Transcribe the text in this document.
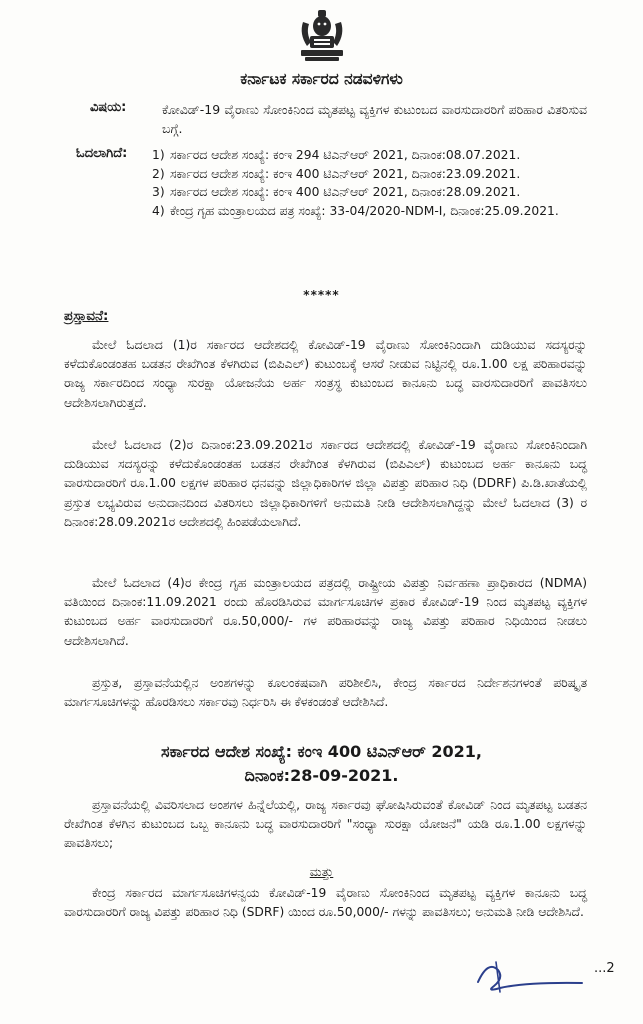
ಕರ್ನಾಟಕ ಸರ್ಕಾರದ ನಡವಳಿಗಳು
ವಿಷಯ:	ಕೋವಿಡ್-19 ವೈರಾಣು ಸೋಂಕಿನಿಂದ ಮೃತಪಟ್ಟ ವ್ಯಕ್ತಿಗಳ ಕುಟುಂಬದ ವಾರಸುದಾರರಿಗೆ ಪರಿಹಾರ ವಿತರಿಸುವ ಬಗ್ಗೆ.
ಓದಲಾಗಿದೆ: 1) ಸರ್ಕಾರದ ಆದೇಶ ಸಂಖ್ಯೆ: ಕಂಇ 294 ಟಿಎನ್‌ಆರ್ 2021, ದಿನಾಂಕ:08.07.2021.
2) ಸರ್ಕಾರದ ಆದೇಶ ಸಂಖ್ಯೆ: ಕಂಇ 400 ಟಿಎನ್‌ಆರ್ 2021, ದಿನಾಂಕ:23.09.2021.
3) ಸರ್ಕಾರದ ಆದೇಶ ಸಂಖ್ಯೆ: ಕಂಇ 400 ಟಿಎನ್‌ಆರ್ 2021, ದಿನಾಂಕ:28.09.2021.
4) ಕೇಂದ್ರ ಗೃಹ ಮಂತ್ರಾಲಯದ ಪತ್ರ ಸಂಖ್ಯೆ: 33-04/2020-NDM-I, ದಿನಾಂಕ:25.09.2021.
*****
ಪ್ರಸ್ತಾವನೆ:

ಮೇಲೆ ಓದಲಾದ (1)ರ ಸರ್ಕಾರದ ಆದೇಶದಲ್ಲಿ ಕೋವಿಡ್-19 ವೈರಾಣು ಸೋಂಕಿನಿಂದಾಗಿ ದುಡಿಯುವ ಸದಸ್ಯರನ್ನು ಕಳೆದುಕೊಂಡಂತಹ ಬಡತನ ರೇಖೆಗಿಂತ ಕೆಳಗಿರುವ (ಬಿಪಿಎಲ್) ಕುಟುಂಬಕ್ಕೆ ಆಸರೆ ನೀಡುವ ನಿಟ್ಟಿನಲ್ಲಿ ರೂ.1.00 ಲಕ್ಷ ಪರಿಹಾರವನ್ನು ರಾಜ್ಯ ಸರ್ಕಾರದಿಂದ ಸಂಧ್ಯಾ ಸುರಕ್ಷಾ ಯೋಜನೆಯ ಅರ್ಹ ಸಂತ್ರಸ್ಥ ಕುಟುಂಬದ ಕಾನೂನು ಬದ್ಧ ವಾರಸುದಾರರಿಗೆ ಪಾವತಿಸಲು ಆದೇಶಿಸಲಾಗಿರುತ್ತದೆ.

ಮೇಲೆ ಓದಲಾದ (2)ರ ದಿನಾಂಕ:23.09.2021ರ ಸರ್ಕಾರದ ಆದೇಶದಲ್ಲಿ ಕೋವಿಡ್-19 ವೈರಾಣು ಸೋಂಕಿನಿಂದಾಗಿ ದುಡಿಯುವ ಸದಸ್ಯರನ್ನು ಕಳೆದುಕೊಂಡಂತಹ ಬಡತನ ರೇಖೆಗಿಂತ ಕೆಳಗಿರುವ (ಬಿಪಿಎಲ್) ಕುಟುಂಬದ ಅರ್ಹ ಕಾನೂನು ಬದ್ಧ ವಾರಸುದಾರರಿಗೆ ರೂ.1.00 ಲಕ್ಷಗಳ ಪರಿಹಾರ ಧನವನ್ನು ಜಿಲ್ಲಾಧಿಕಾರಿಗಳ ಜಿಲ್ಲಾ ವಿಪತ್ತು ಪರಿಹಾರ ನಿಧಿ (DDRF) ಪಿ.ಡಿ.ಖಾತೆಯಲ್ಲಿ ಪ್ರಸ್ತುತ ಲಭ್ಯವಿರುವ ಅನುದಾನದಿಂದ ವಿತರಿಸಲು ಜಿಲ್ಲಾಧಿಕಾರಿಗಳಿಗೆ ಅನುಮತಿ ನೀಡಿ ಆದೇಶಿಸಲಾಗಿದ್ದನ್ನು ಮೇಲೆ ಓದಲಾದ (3) ರ ದಿನಾಂಕ:28.09.2021ರ ಆದೇಶದಲ್ಲಿ ಹಿಂಪಡೆಯಲಾಗಿದೆ.

ಮೇಲೆ ಓದಲಾದ (4)ರ ಕೇಂದ್ರ ಗೃಹ ಮಂತ್ರಾಲಯದ ಪತ್ರದಲ್ಲಿ ರಾಷ್ಟ್ರೀಯ ವಿಪತ್ತು ನಿರ್ವಹಣಾ ಪ್ರಾಧಿಕಾರದ (NDMA) ವತಿಯಿಂದ ದಿನಾಂಕ:11.09.2021 ರಂದು ಹೊರಡಿಸಿರುವ ಮಾರ್ಗಸೂಚಿಗಳ ಪ್ರಕಾರ ಕೋವಿಡ್-19 ನಿಂದ ಮೃತಪಟ್ಟ ವ್ಯಕ್ತಿಗಳ ಕುಟುಂಬದ ಅರ್ಹ ವಾರಸುದಾರರಿಗೆ ರೂ.50,000/- ಗಳ ಪರಿಹಾರವನ್ನು ರಾಜ್ಯ ವಿಪತ್ತು ಪರಿಹಾರ ನಿಧಿಯಿಂದ ನೀಡಲು ಆದೇಶಿಸಲಾಗಿದೆ.

ಪ್ರಸ್ತುತ, ಪ್ರಸ್ತಾವನೆಯಲ್ಲಿನ ಅಂಶಗಳನ್ನು ಕೂಲಂಕಷವಾಗಿ ಪರಿಶೀಲಿಸಿ, ಕೇಂದ್ರ ಸರ್ಕಾರದ ನಿರ್ದೇಶನಗಳಂತೆ ಪರಿಷ್ಕೃತ ಮಾರ್ಗಸೂಚಿಗಳನ್ನು ಹೊರಡಿಸಲು ಸರ್ಕಾರವು ನಿರ್ಧರಿಸಿ ಈ ಕೆಳಕಂಡಂತೆ ಆದೇಶಿಸಿದೆ.

ಸರ್ಕಾರದ ಆದೇಶ ಸಂಖ್ಯೆ: ಕಂಇ 400 ಟಿಎನ್‌ಆರ್ 2021,
ದಿನಾಂಕ:28-09-2021.

ಪ್ರಸ್ತಾವನೆಯಲ್ಲಿ ವಿವರಿಸಲಾದ ಅಂಶಗಳ ಹಿನ್ನೆಲೆಯಲ್ಲಿ, ರಾಜ್ಯ ಸರ್ಕಾರವು ಘೋಷಿಸಿರುವಂತೆ ಕೋವಿಡ್ ನಿಂದ ಮೃತಪಟ್ಟ ಬಡತನ ರೇಖೆಗಿಂತ ಕೆಳಗಿನ ಕುಟುಂಬದ ಒಬ್ಬ ಕಾನೂನು ಬದ್ಧ ವಾರಸುದಾರರಿಗೆ "ಸಂಧ್ಯಾ ಸುರಕ್ಷಾ ಯೋಜನೆ" ಯಡಿ ರೂ.1.00 ಲಕ್ಷಗಳನ್ನು ಪಾವತಿಸಲು;

ಮತ್ತು

ಕೇಂದ್ರ ಸರ್ಕಾರದ ಮಾರ್ಗಸೂಚಿಗಳನ್ವಯ ಕೋವಿಡ್-19 ವೈರಾಣು ಸೋಂಕಿನಿಂದ ಮೃತಪಟ್ಟ ವ್ಯಕ್ತಿಗಳ ಕಾನೂನು ಬದ್ಧ ವಾರಸುದಾರರಿಗೆ ರಾಜ್ಯ ವಿಪತ್ತು ಪರಿಹಾರ ನಿಧಿ (SDRF) ಯಿಂದ ರೂ.50,000/- ಗಳನ್ನು ಪಾವತಿಸಲು; ಅನುಮತಿ ನೀಡಿ ಆದೇಶಿಸಿದೆ.

...2
